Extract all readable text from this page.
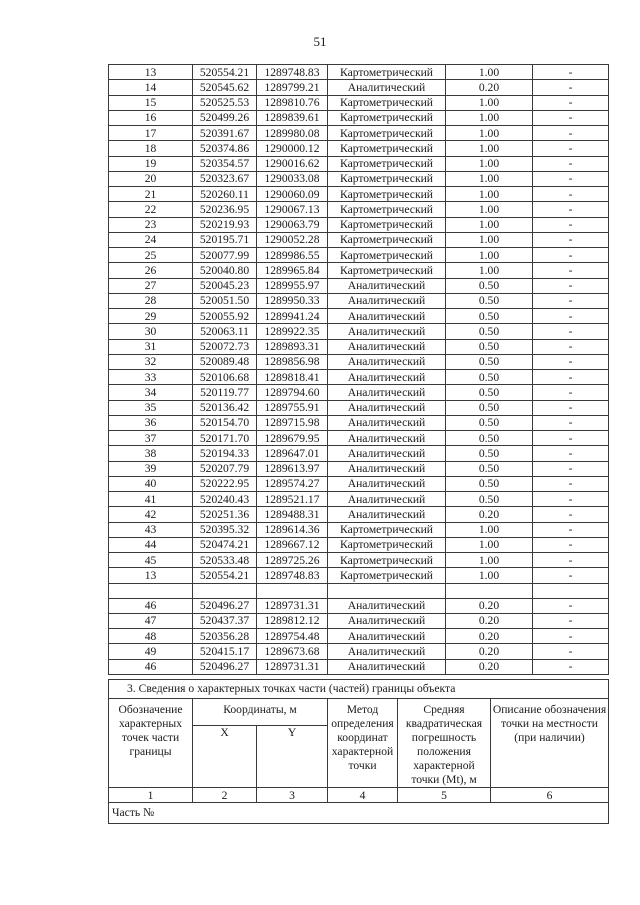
51
13	520554.21	1289748.83	Картометрический	1.00	-
14	520545.62	1289799.21	Аналитический	0.20	-
15	520525.53	1289810.76	Картометрический	1.00	-
16	520499.26	1289839.61	Картометрический	1.00	-
17	520391.67	1289980.08	Картометрический	1.00	-
18	520374.86	1290000.12	Картометрический	1.00	-
19	520354.57	1290016.62	Картометрический	1.00	-
20	520323.67	1290033.08	Картометрический	1.00	-
21	520260.11	1290060.09	Картометрический	1.00	-
22	520236.95	1290067.13	Картометрический	1.00	-
23	520219.93	1290063.79	Картометрический	1.00	-
24	520195.71	1290052.28	Картометрический	1.00	-
25	520077.99	1289986.55	Картометрический	1.00	-
26	520040.80	1289965.84	Картометрический	1.00	-
27	520045.23	1289955.97	Аналитический	0.50	-
28	520051.50	1289950.33	Аналитический	0.50	-
29	520055.92	1289941.24	Аналитический	0.50	-
30	520063.11	1289922.35	Аналитический	0.50	-
31	520072.73	1289893.31	Аналитический	0.50	-
32	520089.48	1289856.98	Аналитический	0.50	-
33	520106.68	1289818.41	Аналитический	0.50	-
34	520119.77	1289794.60	Аналитический	0.50	-
35	520136.42	1289755.91	Аналитический	0.50	-
36	520154.70	1289715.98	Аналитический	0.50	-
37	520171.70	1289679.95	Аналитический	0.50	-
38	520194.33	1289647.01	Аналитический	0.50	-
39	520207.79	1289613.97	Аналитический	0.50	-
40	520222.95	1289574.27	Аналитический	0.50	-
41	520240.43	1289521.17	Аналитический	0.50	-
42	520251.36	1289488.31	Аналитический	0.20	-
43	520395.32	1289614.36	Картометрический	1.00	-
44	520474.21	1289667.12	Картометрический	1.00	-
45	520533.48	1289725.26	Картометрический	1.00	-
13	520554.21	1289748.83	Картометрический	1.00	-

46	520496.27	1289731.31	Аналитический	0.20	-
47	520437.37	1289812.12	Аналитический	0.20	-
48	520356.28	1289754.48	Аналитический	0.20	-
49	520415.17	1289673.68	Аналитический	0.20	-
46	520496.27	1289731.31	Аналитический	0.20	-
3. Сведения о характерных точках части (частей) границы объекта					
Обозначение характерных точек части границы	Координаты, м		Метод определения координат характерной точки	Средняя квадратическая погрешность положения характерной точки (Mt), м	Описание обозначения точки на местности (при наличии)
	X	Y			
1	2	3	4	5	6
Часть №					
